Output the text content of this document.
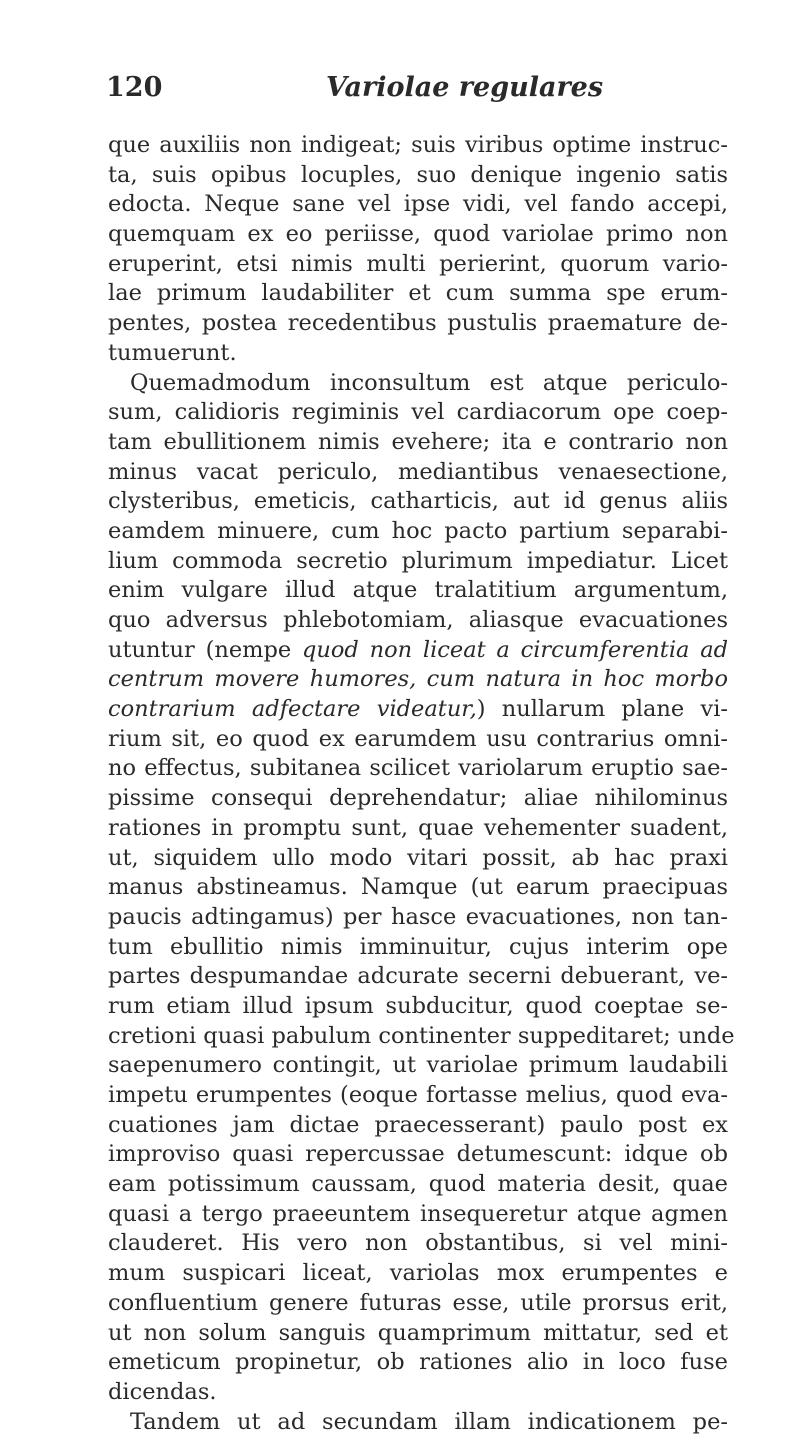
120	Variolae regulares
que auxiliis non indigeat; suis viribus optime instruc-
ta, suis opibus locuples, suo denique ingenio satis
edocta. Neque sane vel ipse vidi, vel fando accepi,
quemquam ex eo periisse, quod variolae primo non
eruperint, etsi nimis multi perierint, quorum vario-
lae primum laudabiliter et cum summa spe erum-
pentes, postea recedentibus pustulis praemature de-
tumuerunt.
Quemadmodum inconsultum est atque periculo-
sum, calidioris regiminis vel cardiacorum ope coep-
tam ebullitionem nimis evehere; ita e contrario non
minus vacat periculo, mediantibus venaesectione,
clysteribus, emeticis, catharticis, aut id genus aliis
eamdem minuere, cum hoc pacto partium separabi-
lium commoda secretio plurimum impediatur. Licet
enim vulgare illud atque tralatitium argumentum,
quo adversus phlebotomiam, aliasque evacuationes
utuntur (nempe quod non liceat a circumferentia ad
centrum movere humores, cum natura in hoc morbo
contrarium adfectare videatur,) nullarum plane vi-
rium sit, eo quod ex earumdem usu contrarius omni-
no effectus, subitanea scilicet variolarum eruptio sae-
pissime consequi deprehendatur; aliae nihilominus
rationes in promptu sunt, quae vehementer suadent,
ut, siquidem ullo modo vitari possit, ab hac praxi
manus abstineamus. Namque (ut earum praecipuas
paucis adtingamus) per hasce evacuationes, non tan-
tum ebullitio nimis imminuitur, cujus interim ope
partes despumandae adcurate secerni debuerant, ve-
rum etiam illud ipsum subducitur, quod coeptae se-
cretioni quasi pabulum continenter suppeditaret; unde
saepenumero contingit, ut variolae primum laudabili
impetu erumpentes (eoque fortasse melius, quod eva-
cuationes jam dictae praecesserant) paulo post ex
improviso quasi repercussae detumescunt: idque ob
eam potissimum caussam, quod materia desit, quae
quasi a tergo praeeuntem insequeretur atque agmen
clauderet. His vero non obstantibus, si vel mini-
mum suspicari liceat, variolas mox erumpentes e
confluentium genere futuras esse, utile prorsus erit,
ut non solum sanguis quamprimum mittatur, sed et
emeticum propinetur, ob rationes alio in loco fuse
dicendas.
Tandem ut ad secundam illam indicationem pe-
